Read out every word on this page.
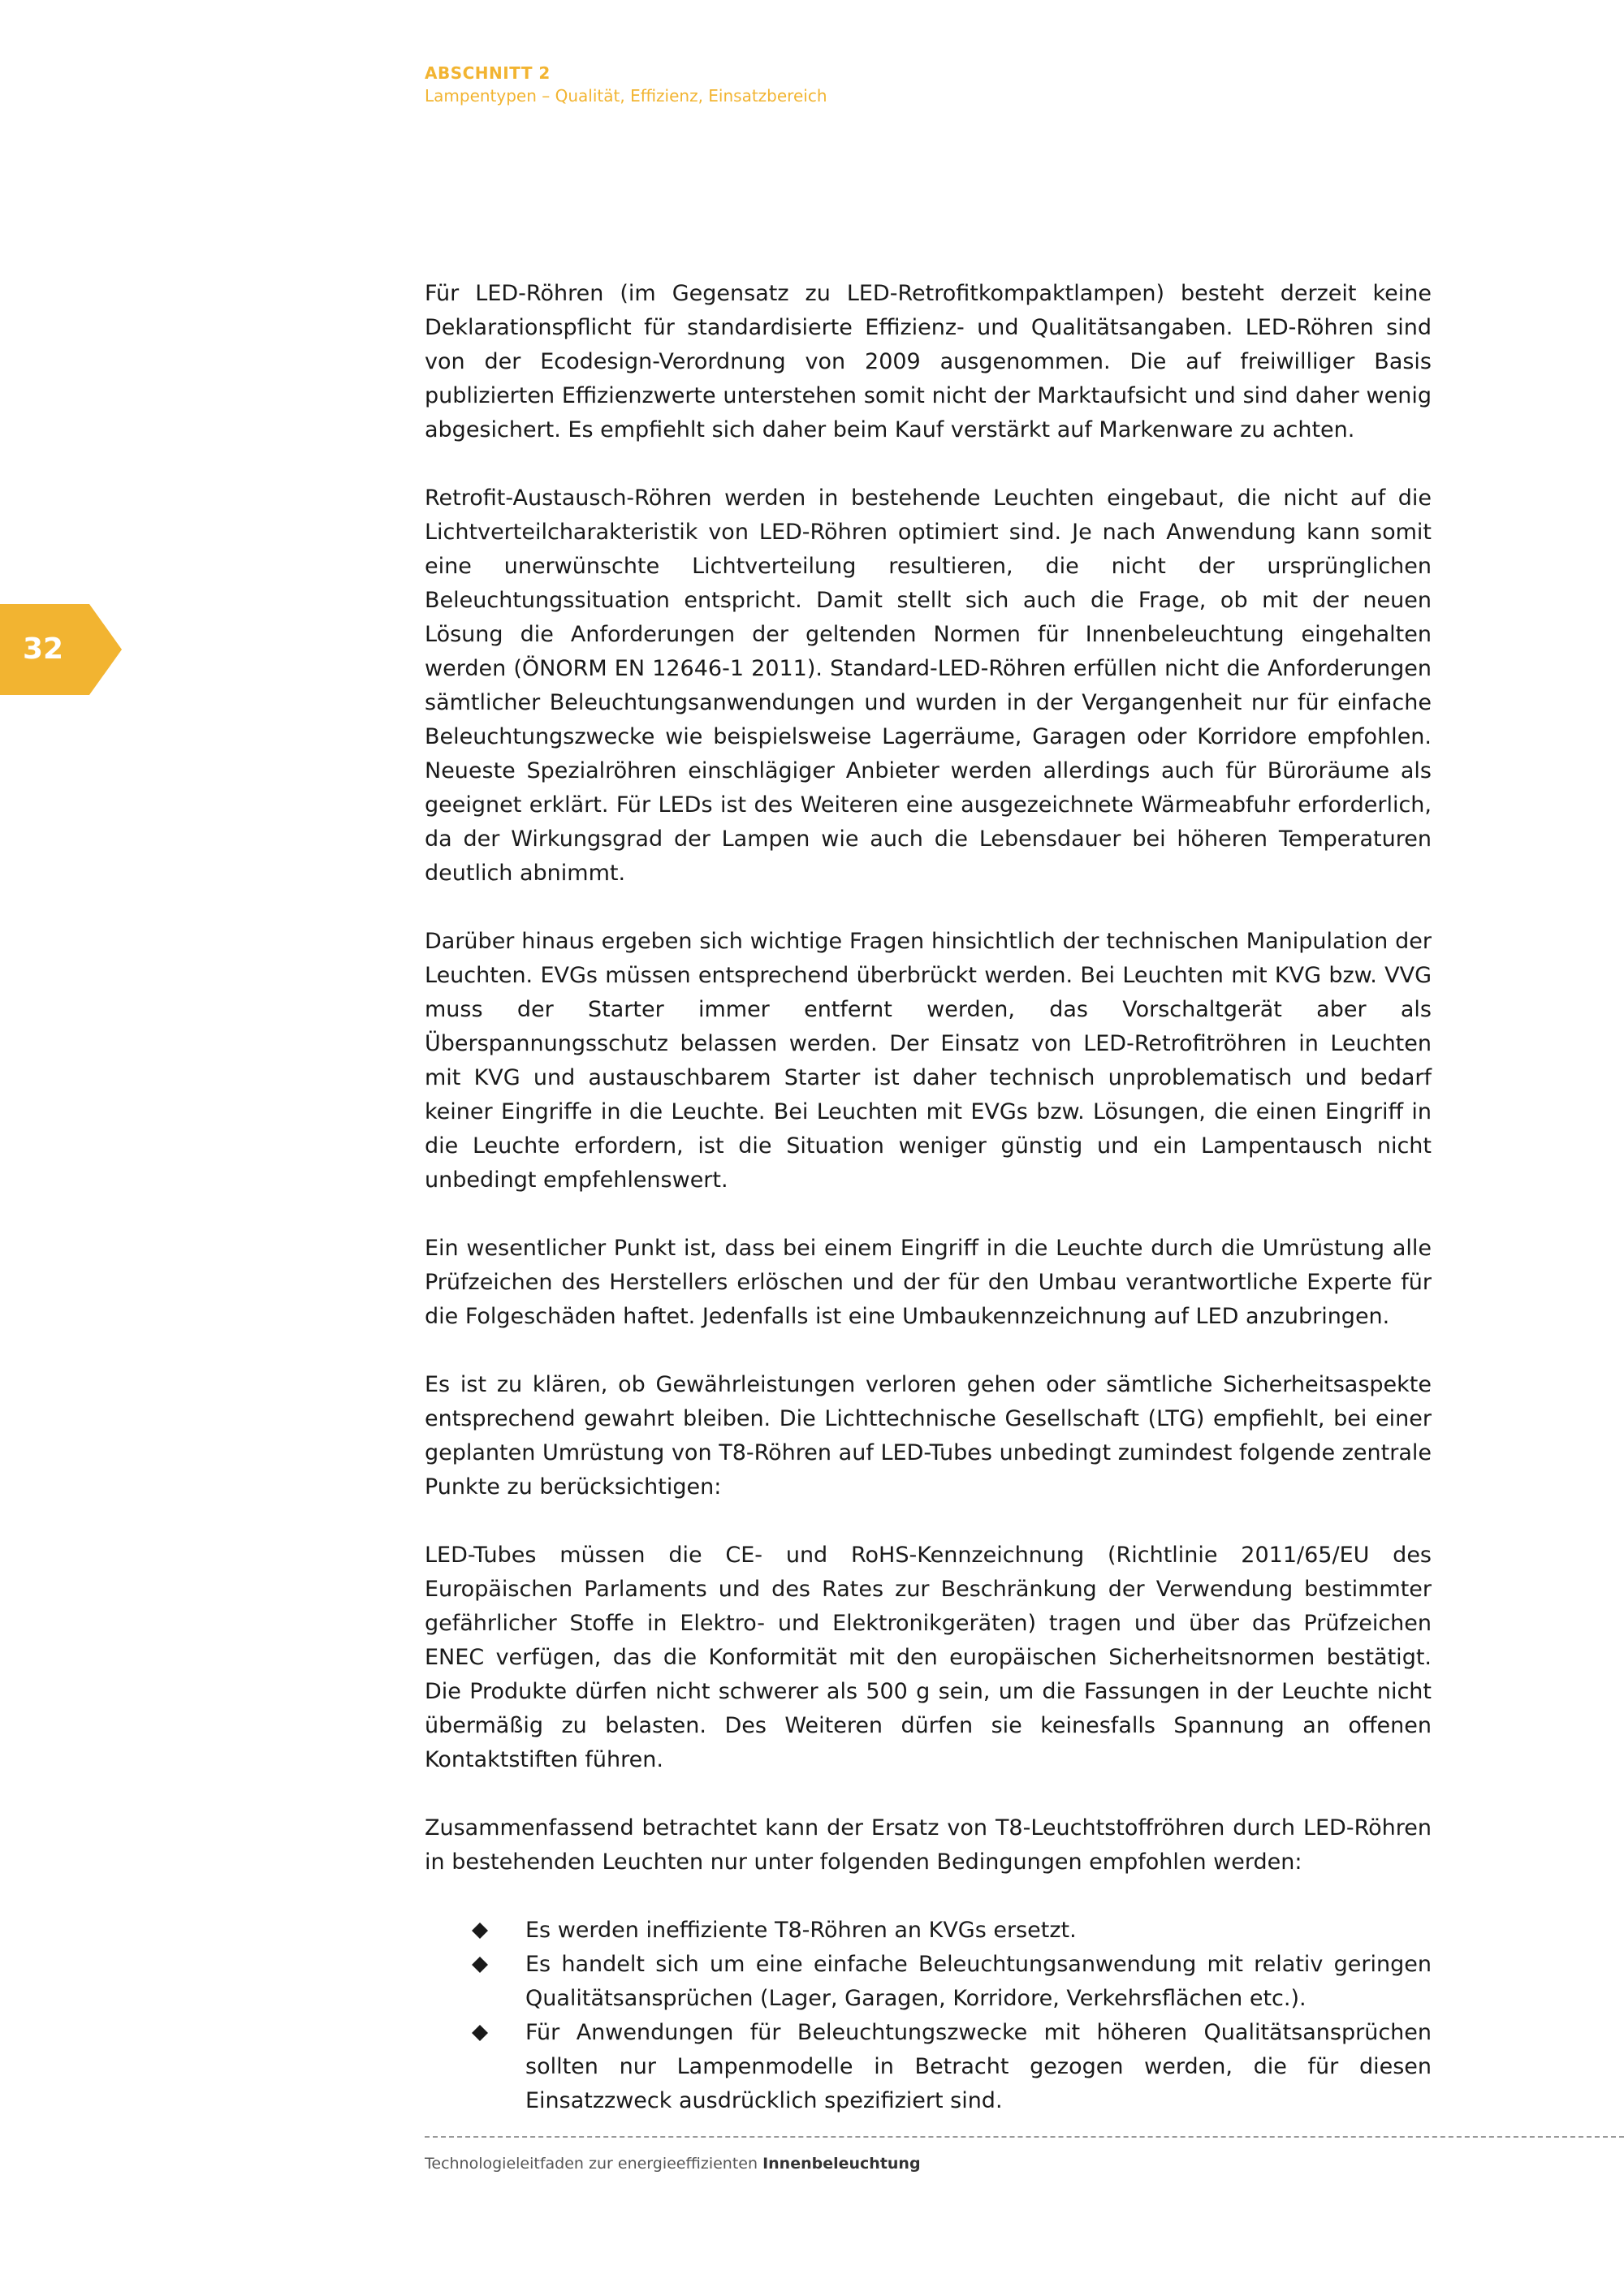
ABSCHNITT 2
Lampentypen – Qualität, Effizienz, Einsatzbereich
32

Für LED-Röhren (im Gegensatz zu LED-Retrofitkompaktlampen) besteht derzeit keine Deklarationspflicht für standardisierte Effizienz- und Qualitätsangaben. LED-Röhren sind von der Ecodesign-Verordnung von 2009 ausgenommen. Die auf freiwilliger Basis publizierten Effizienzwerte unterstehen somit nicht der Marktaufsicht und sind daher wenig abgesichert. Es empfiehlt sich daher beim Kauf verstärkt auf Markenware zu achten.

Retrofit-Austausch-Röhren werden in bestehende Leuchten eingebaut, die nicht auf die Lichtverteilcharakteristik von LED-Röhren optimiert sind. Je nach Anwendung kann somit eine unerwünschte Lichtverteilung resultieren, die nicht der ursprünglichen Beleuchtungssituation entspricht. Damit stellt sich auch die Frage, ob mit der neuen Lösung die Anforderungen der geltenden Normen für Innenbeleuchtung eingehalten werden (ÖNORM EN 12646-1 2011). Standard-LED-Röhren erfüllen nicht die Anforderungen sämtlicher Beleuchtungsanwendungen und wurden in der Vergangenheit nur für einfache Beleuchtungszwecke wie beispielsweise Lagerräume, Garagen oder Korridore empfohlen. Neueste Spezialröhren einschlägiger Anbieter werden allerdings auch für Büroräume als geeignet erklärt. Für LEDs ist des Weiteren eine ausgezeichnete Wärmeabfuhr erforderlich, da der Wirkungsgrad der Lampen wie auch die Lebensdauer bei höheren Temperaturen deutlich abnimmt.

Darüber hinaus ergeben sich wichtige Fragen hinsichtlich der technischen Manipulation der Leuchten. EVGs müssen entsprechend überbrückt werden. Bei Leuchten mit KVG bzw. VVG muss der Starter immer entfernt werden, das Vorschaltgerät aber als Überspannungsschutz belassen werden. Der Einsatz von LED-Retrofitröhren in Leuchten mit KVG und austauschbarem Starter ist daher technisch unproblematisch und bedarf keiner Eingriffe in die Leuchte. Bei Leuchten mit EVGs bzw. Lösungen, die einen Eingriff in die Leuchte erfordern, ist die Situation weniger günstig und ein Lampentausch nicht unbedingt empfehlenswert.

Ein wesentlicher Punkt ist, dass bei einem Eingriff in die Leuchte durch die Umrüstung alle Prüfzeichen des Herstellers erlöschen und der für den Umbau verantwortliche Experte für die Folgeschäden haftet. Jedenfalls ist eine Umbaukennzeichnung auf LED anzubringen.

Es ist zu klären, ob Gewährleistungen verloren gehen oder sämtliche Sicherheitsaspekte entsprechend gewahrt bleiben. Die Lichttechnische Gesellschaft (LTG) empfiehlt, bei einer geplanten Umrüstung von T8-Röhren auf LED-Tubes unbedingt zumindest folgende zentrale Punkte zu berücksichtigen:

LED-Tubes müssen die CE- und RoHS-Kennzeichnung (Richtlinie 2011/65/EU des Europäischen Parlaments und des Rates zur Beschränkung der Verwendung bestimmter gefährlicher Stoffe in Elektro- und Elektronikgeräten) tragen und über das Prüfzeichen ENEC verfügen, das die Konformität mit den europäischen Sicherheitsnormen bestätigt. Die Produkte dürfen nicht schwerer als 500 g sein, um die Fassungen in der Leuchte nicht übermäßig zu belasten. Des Weiteren dürfen sie keinesfalls Spannung an offenen Kontaktstiften führen.

Zusammenfassend betrachtet kann der Ersatz von T8-Leuchtstoffröhren durch LED-Röhren in bestehenden Leuchten nur unter folgenden Bedingungen empfohlen werden:

Es werden ineffiziente T8-Röhren an KVGs ersetzt.
Es handelt sich um eine einfache Beleuchtungsanwendung mit relativ geringen Qualitätsansprüchen (Lager, Garagen, Korridore, Verkehrsflächen etc.).
Für Anwendungen für Beleuchtungszwecke mit höheren Qualitätsansprüchen sollten nur Lampenmodelle in Betracht gezogen werden, die für diesen Einsatzzweck ausdrücklich spezifiziert sind.
Technologieleitfaden zur energieeffizienten Innenbeleuchtung
